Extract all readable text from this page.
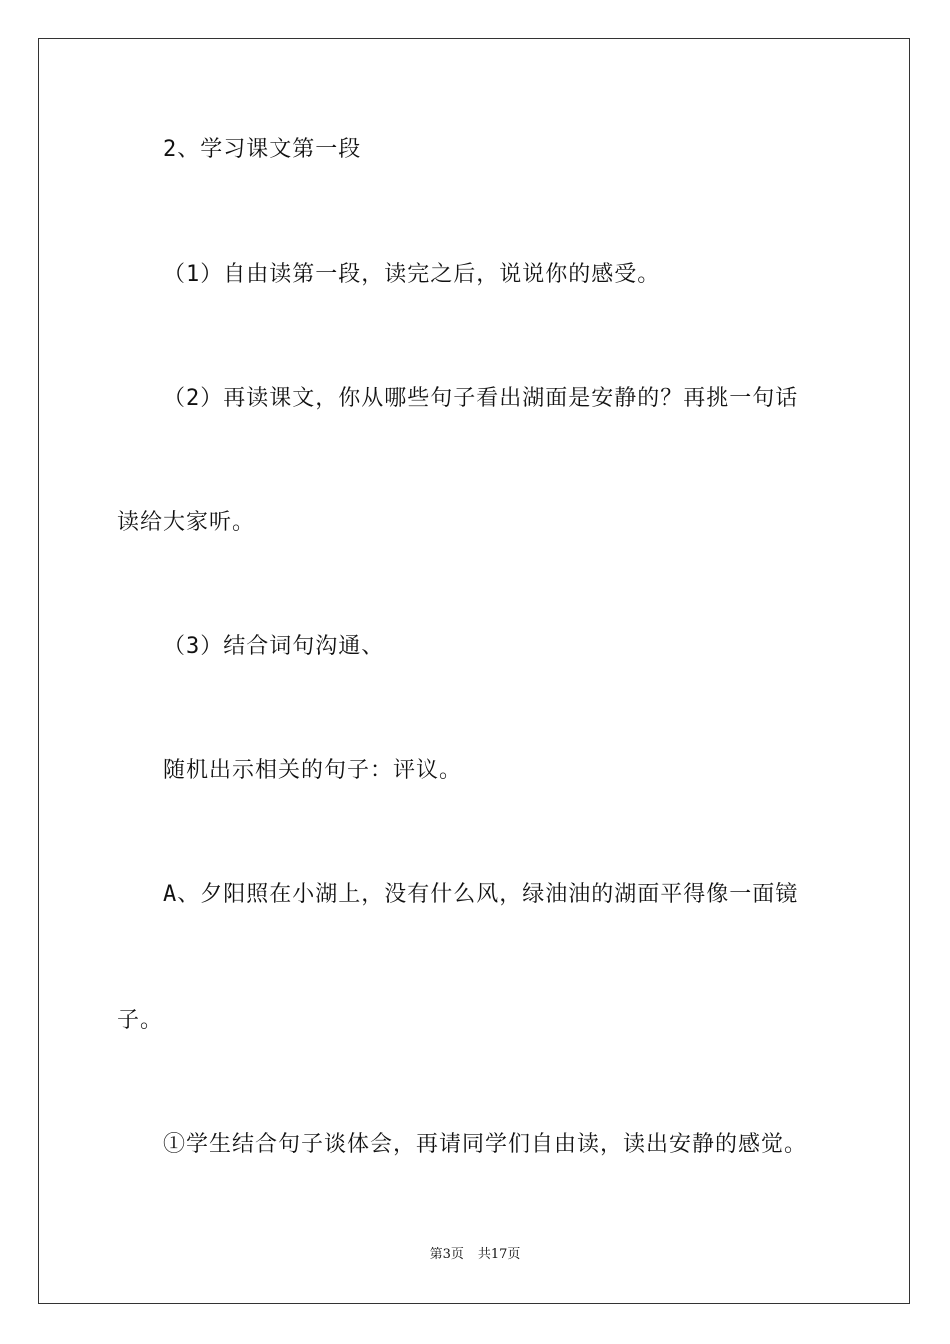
2、学习课文第一段
（1）自由读第一段，读完之后，说说你的感受。
（2）再读课文，你从哪些句子看出湖面是安静的？再挑一句话
读给大家听。
（3）结合词句沟通、
随机出示相关的句子：评议。
A、夕阳照在小湖上，没有什么风，绿油油的湖面平得像一面镜
子。
①学生结合句子谈体会，再请同学们自由读，读出安静的感觉。
第3页 共17页
